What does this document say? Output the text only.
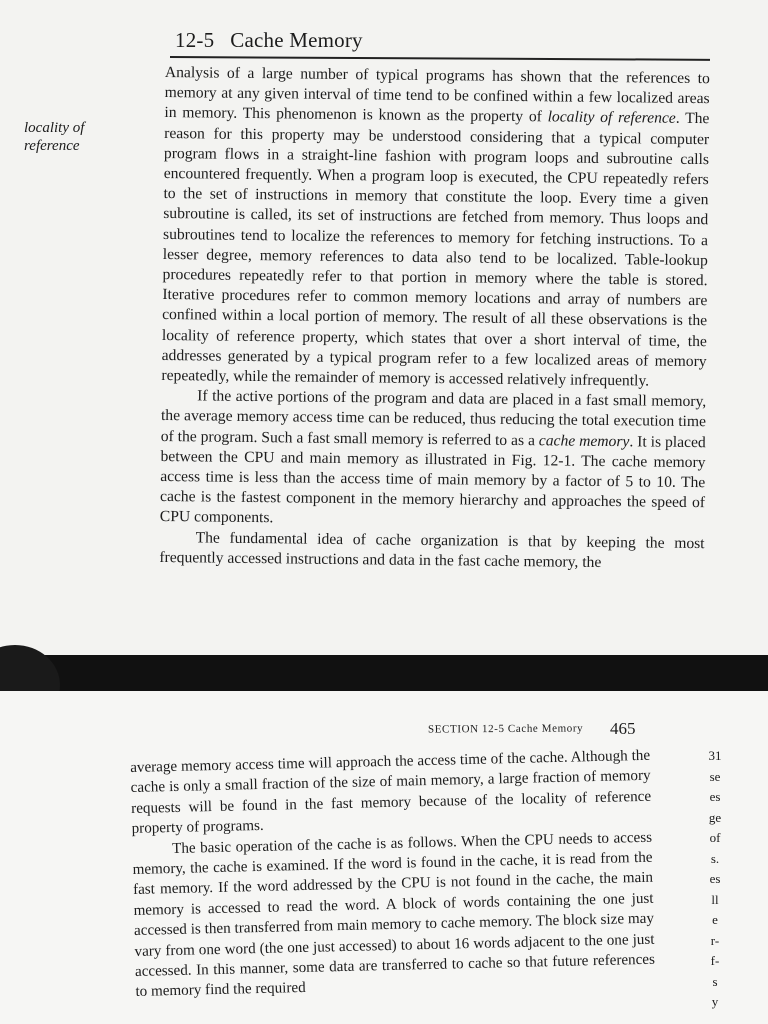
12-5 Cache Memory
locality of reference

Analysis of a large number of typical programs has shown that the references to memory at any given interval of time tend to be confined within a few localized areas in memory. This phenomenon is known as the property of locality of reference. The reason for this property may be understood considering that a typical computer program flows in a straight-line fashion with program loops and subroutine calls encountered frequently. When a program loop is executed, the CPU repeatedly refers to the set of instructions in memory that constitute the loop. Every time a given subroutine is called, its set of instructions are fetched from memory. Thus loops and subroutines tend to localize the references to memory for fetching instructions. To a lesser degree, memory references to data also tend to be localized. Table-lookup procedures repeatedly refer to that portion in memory where the table is stored. Iterative procedures refer to common memory locations and array of numbers are confined within a local portion of memory. The result of all these observations is the locality of reference property, which states that over a short interval of time, the addresses generated by a typical program refer to a few localized areas of memory repeatedly, while the remainder of memory is accessed relatively infrequently.

If the active portions of the program and data are placed in a fast small memory, the average memory access time can be reduced, thus reducing the total execution time of the program. Such a fast small memory is referred to as a cache memory. It is placed between the CPU and main memory as illustrated in Fig. 12-1. The cache memory access time is less than the access time of main memory by a factor of 5 to 10. The cache is the fastest component in the memory hierarchy and approaches the speed of CPU components.

The fundamental idea of cache organization is that by keeping the most frequently accessed instructions and data in the fast cache memory, the

SECTION 12-5 Cache Memory 465

average memory access time will approach the access time of the cache. Although the cache is only a small fraction of the size of main memory, a large fraction of memory requests will be found in the fast memory because of the locality of reference property of programs.

The basic operation of the cache is as follows. When the CPU needs to access memory, the cache is examined. If the word is found in the cache, it is read from the fast memory. If the word addressed by the CPU is not found in the cache, the main memory is accessed to read the word. A block of words containing the one just accessed is then transferred from main memory to cache memory. The block size may vary from one word (the one just accessed) to about 16 words adjacent to the one just accessed. In this manner, some data are transferred to cache so that future references to memory find the required

31
se
es
ge
of
s.
es
ll
e
r-
f-
s
y
